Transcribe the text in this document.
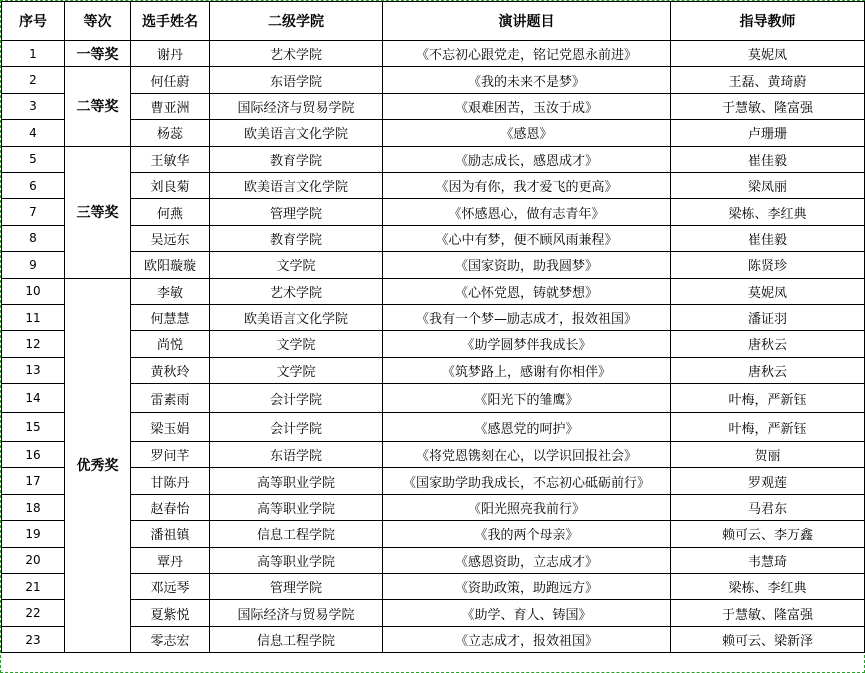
序号	等次	选手姓名	二级学院	演讲题目	指导教师
1	一等奖	谢丹	艺术学院	《不忘初心跟党走，铭记党恩永前进》	莫妮凤
2	二等奖	何任蔚	东语学院	《我的未来不是梦》	王磊、黄琦蔚
3		曹亚洲	国际经济与贸易学院	《艰难困苦，玉汝于成》	于慧敏、隆富强
4		杨蕊	欧美语言文化学院	《感恩》	卢珊珊
5	三等奖	王敏华	教育学院	《励志成长，感恩成才》	崔佳毅
6		刘良菊	欧美语言文化学院	《因为有你，我才爱飞的更高》	梁凤丽
7		何燕	管理学院	《怀感恩心，做有志青年》	梁栋、李红典
8		吴远东	教育学院	《心中有梦，便不顾风雨兼程》	崔佳毅
9		欧阳璇璇	文学院	《国家资助，助我圆梦》	陈贤珍
10	优秀奖	李敏	艺术学院	《心怀党恩，铸就梦想》	莫妮凤
11		何慧慧	欧美语言文化学院	《我有一个梦—励志成才，报效祖国》	潘证羽
12		尚悦	文学院	《助学圆梦伴我成长》	唐秋云
13		黄秋玲	文学院	《筑梦路上，感谢有你相伴》	唐秋云
14		雷素雨	会计学院	《阳光下的雏鹰》	叶梅，严新钰
15		梁玉娟	会计学院	《感恩党的呵护》	叶梅，严新钰
16		罗问芊	东语学院	《将党恩镌刻在心，以学识回报社会》	贺丽
17		甘陈丹	高等职业学院	《国家助学助我成长，不忘初心砥砺前行》	罗观莲
18		赵春怡	高等职业学院	《阳光照亮我前行》	马君东
19		潘祖镇	信息工程学院	《我的两个母亲》	赖可云、李万鑫
20		覃丹	高等职业学院	《感恩资助，立志成才》	韦慧琦
21		邓远琴	管理学院	《资助政策，助跑远方》	梁栋、李红典
22		夏紫悦	国际经济与贸易学院	《助学、育人、铸国》	于慧敏、隆富强
23		零志宏	信息工程学院	《立志成才，报效祖国》	赖可云、梁新泽
